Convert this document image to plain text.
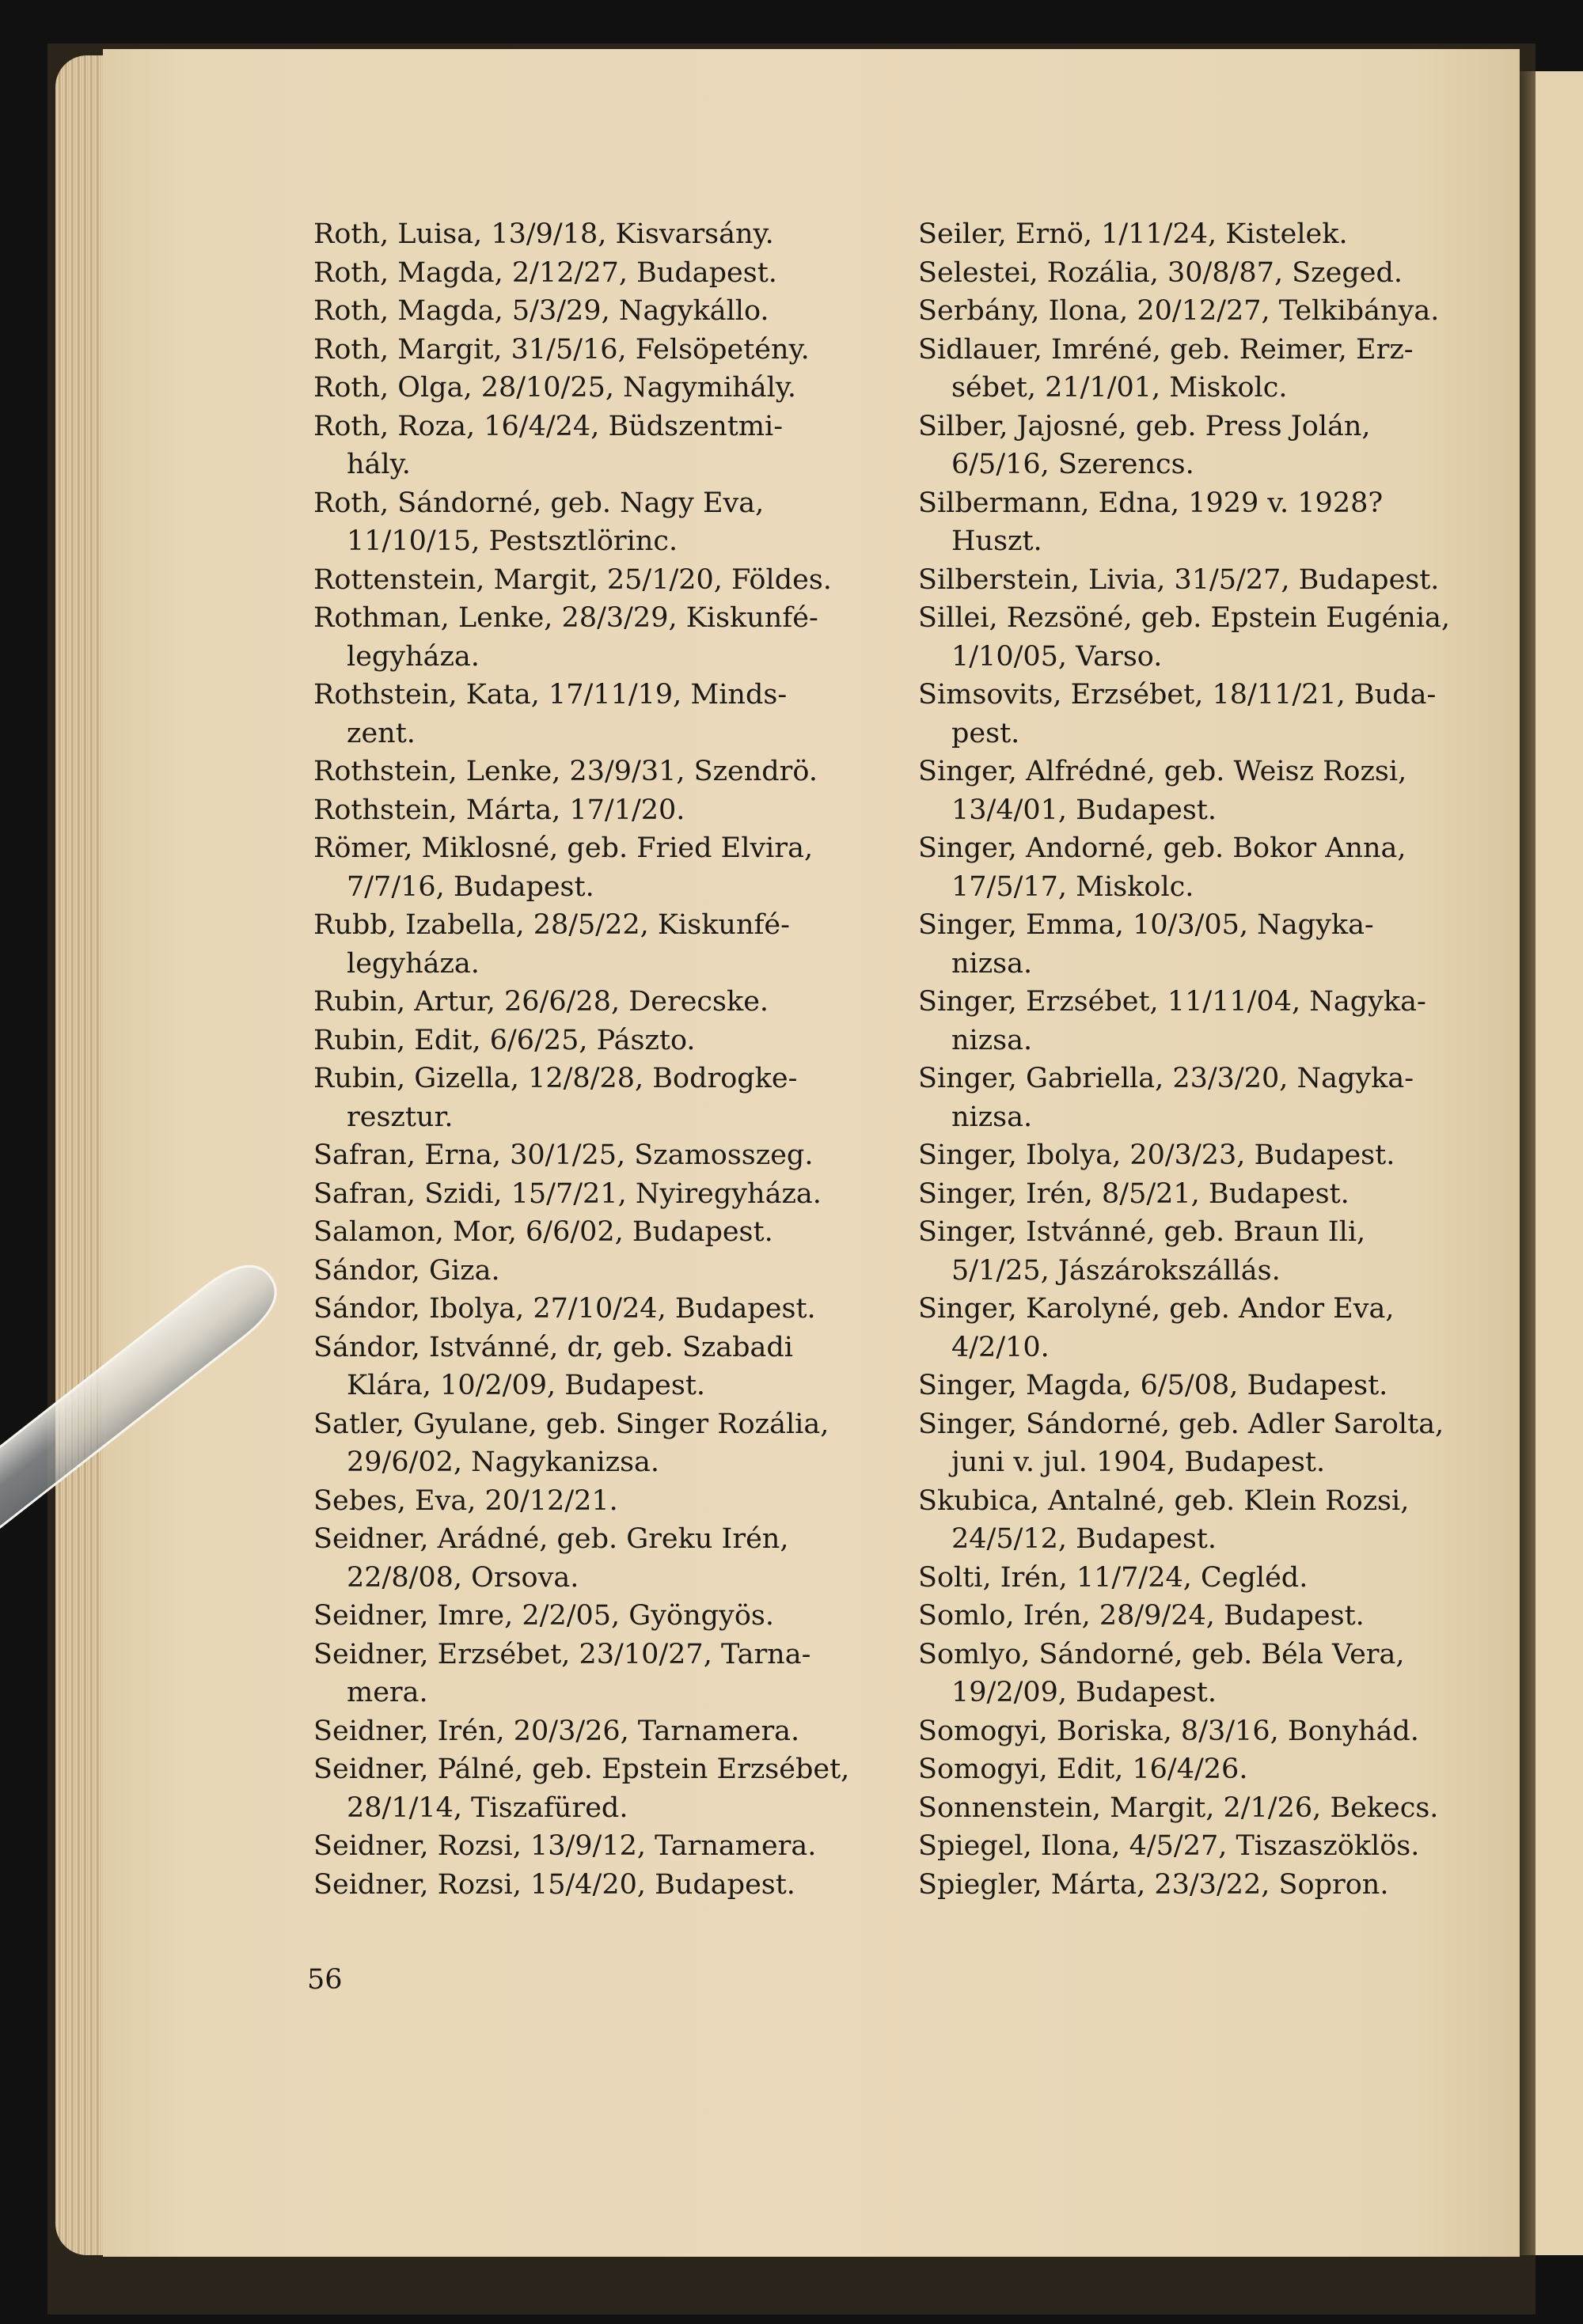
Roth, Luisa, 13/9/18, Kisvarsány.
Roth, Magda, 2/12/27, Budapest.
Roth, Magda, 5/3/29, Nagykállo.
Roth, Margit, 31/5/16, Felsöpetény.
Roth, Olga, 28/10/25, Nagymihály.
Roth, Roza, 16/4/24, Büdszentmi-
hály.
Roth, Sándorné, geb. Nagy Eva,
11/10/15, Pestsztlörinc.
Rottenstein, Margit, 25/1/20, Földes.
Rothman, Lenke, 28/3/29, Kiskunfé-
legyháza.
Rothstein, Kata, 17/11/19, Minds-
zent.
Rothstein, Lenke, 23/9/31, Szendrö.
Rothstein, Márta, 17/1/20.
Römer, Miklosné, geb. Fried Elvira,
7/7/16, Budapest.
Rubb, Izabella, 28/5/22, Kiskunfé-
legyháza.
Rubin, Artur, 26/6/28, Derecske.
Rubin, Edit, 6/6/25, Pászto.
Rubin, Gizella, 12/8/28, Bodrogke-
resztur.
Safran, Erna, 30/1/25, Szamosszeg.
Safran, Szidi, 15/7/21, Nyiregyháza.
Salamon, Mor, 6/6/02, Budapest.
Sándor, Giza.
Sándor, Ibolya, 27/10/24, Budapest.
Sándor, Istvánné, dr, geb. Szabadi
Klára, 10/2/09, Budapest.
Satler, Gyulane, geb. Singer Rozália,
29/6/02, Nagykanizsa.
Sebes, Eva, 20/12/21.
Seidner, Arádné, geb. Greku Irén,
22/8/08, Orsova.
Seidner, Imre, 2/2/05, Gyöngyös.
Seidner, Erzsébet, 23/10/27, Tarna-
mera.
Seidner, Irén, 20/3/26, Tarnamera.
Seidner, Pálné, geb. Epstein Erzsébet,
28/1/14, Tiszafüred.
Seidner, Rozsi, 13/9/12, Tarnamera.
Seidner, Rozsi, 15/4/20, Budapest.
Seiler, Ernö, 1/11/24, Kistelek.
Selestei, Rozália, 30/8/87, Szeged.
Serbány, Ilona, 20/12/27, Telkibánya.
Sidlauer, Imréné, geb. Reimer, Erz-
sébet, 21/1/01, Miskolc.
Silber, Jajosné, geb. Press Jolán,
6/5/16, Szerencs.
Silbermann, Edna, 1929 v. 1928?
Huszt.
Silberstein, Livia, 31/5/27, Budapest.
Sillei, Rezsöné, geb. Epstein Eugénia,
1/10/05, Varso.
Simsovits, Erzsébet, 18/11/21, Buda-
pest.
Singer, Alfrédné, geb. Weisz Rozsi,
13/4/01, Budapest.
Singer, Andorné, geb. Bokor Anna,
17/5/17, Miskolc.
Singer, Emma, 10/3/05, Nagyka-
nizsa.
Singer, Erzsébet, 11/11/04, Nagyka-
nizsa.
Singer, Gabriella, 23/3/20, Nagyka-
nizsa.
Singer, Ibolya, 20/3/23, Budapest.
Singer, Irén, 8/5/21, Budapest.
Singer, Istvánné, geb. Braun Ili,
5/1/25, Jászárokszállás.
Singer, Karolyné, geb. Andor Eva,
4/2/10.
Singer, Magda, 6/5/08, Budapest.
Singer, Sándorné, geb. Adler Sarolta,
juni v. jul. 1904, Budapest.
Skubica, Antalné, geb. Klein Rozsi,
24/5/12, Budapest.
Solti, Irén, 11/7/24, Cegléd.
Somlo, Irén, 28/9/24, Budapest.
Somlyo, Sándorné, geb. Béla Vera,
19/2/09, Budapest.
Somogyi, Boriska, 8/3/16, Bonyhád.
Somogyi, Edit, 16/4/26.
Sonnenstein, Margit, 2/1/26, Bekecs.
Spiegel, Ilona, 4/5/27, Tiszaszöklös.
Spiegler, Márta, 23/3/22, Sopron.
56
